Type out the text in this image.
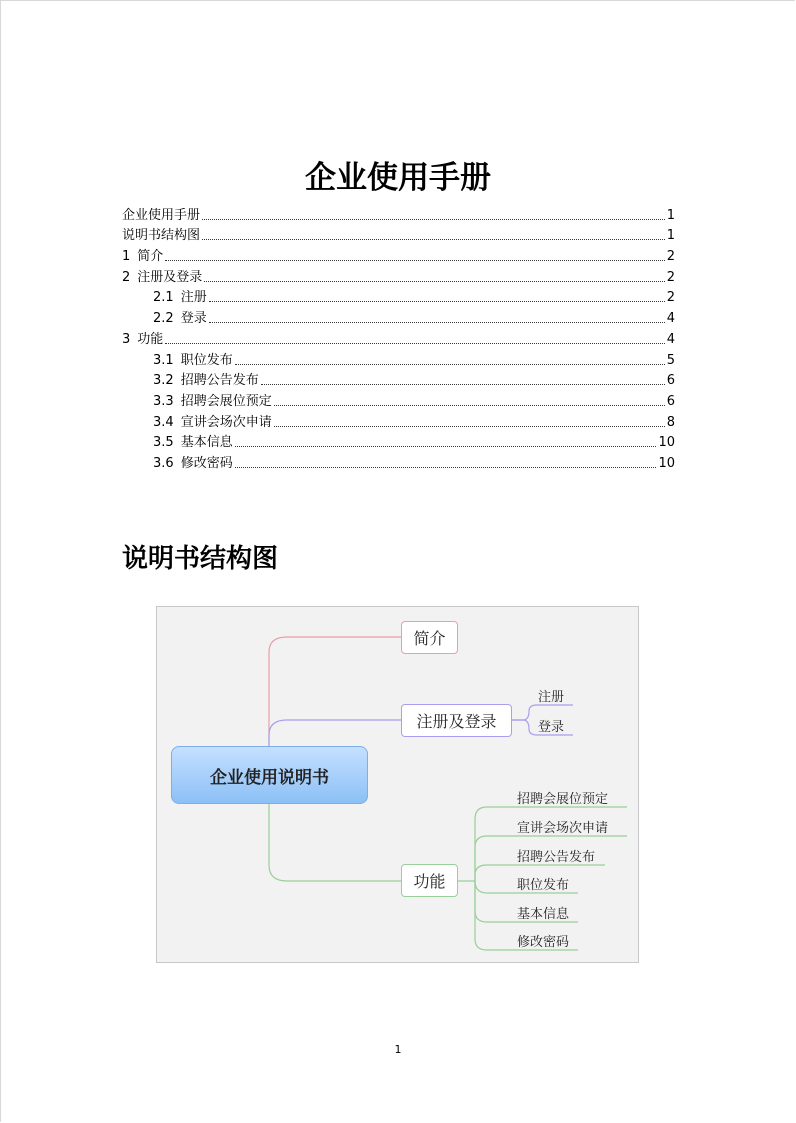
企业使用手册
企业使用手册	1
说明书结构图	1
1 简介	2
2 注册及登录	2
2.1 注册	2
2.2 登录	4
3 功能	4
3.1 职位发布	5
3.2 招聘公告发布	6
3.3 招聘会展位预定	6
3.4 宣讲会场次申请	8
3.5 基本信息	10
3.6 修改密码	10
说明书结构图
企业使用说明书
简介
注册及登录
功能
注册
登录
招聘会展位预定
宣讲会场次申请
招聘公告发布
职位发布
基本信息
修改密码
1
